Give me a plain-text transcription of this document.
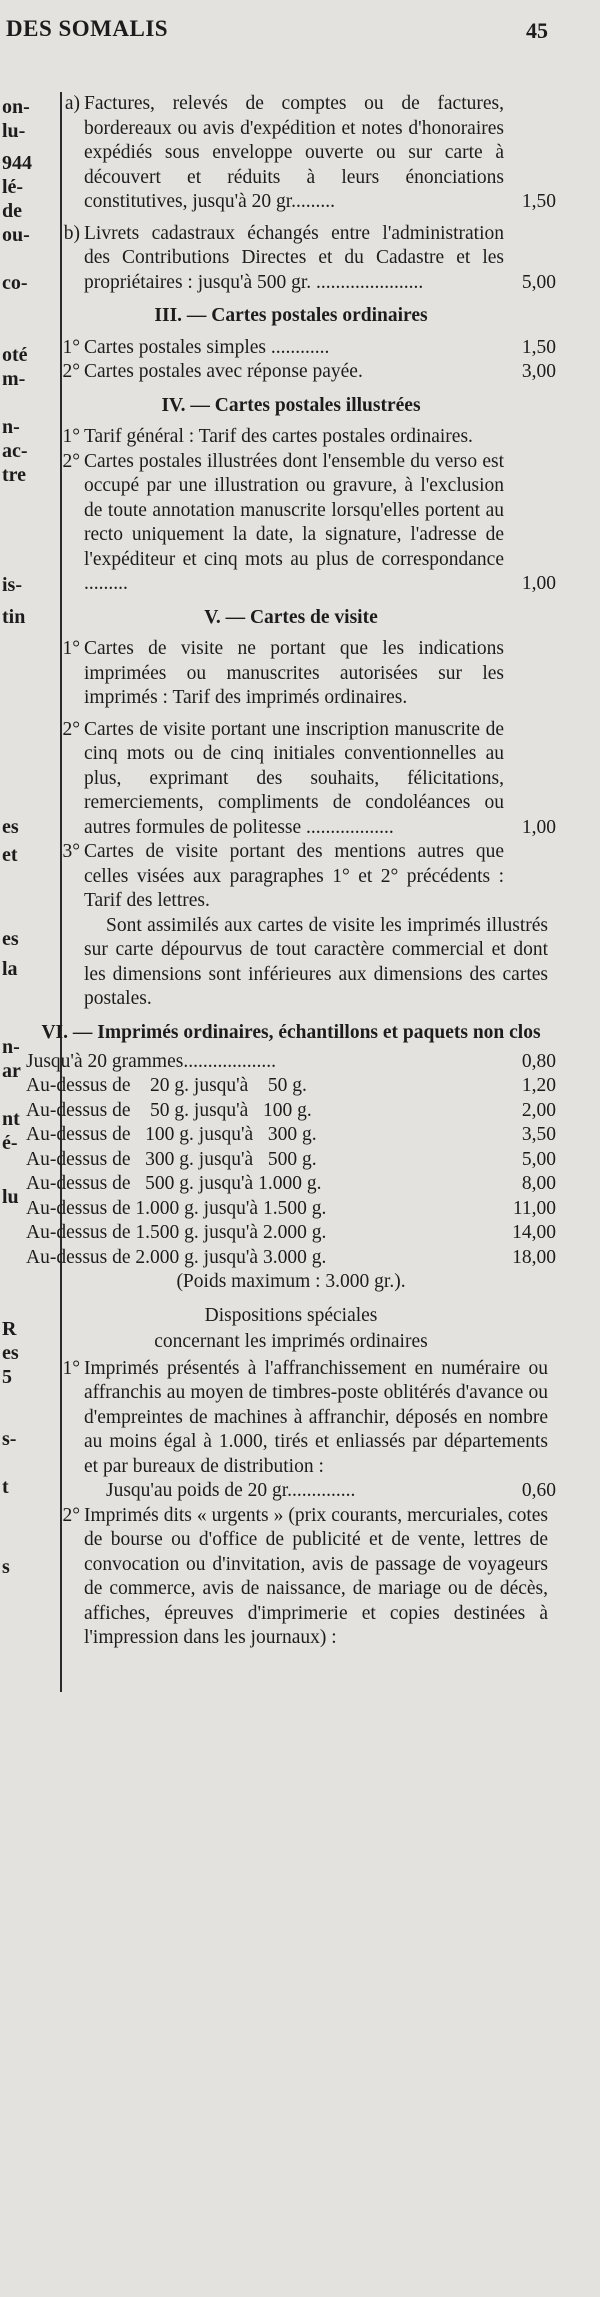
DES SOMALIS	45
on-
lu-
944
lé-
de
ou-
co-
oté
m-
n-
ac-
tre
is-
tin
es
et
es
la
n-
ar
nt
é-
lu
R
es
5
s-
t
s
a) Factures, relevés de comptes ou de factures, bordereaux ou avis d'expédition et notes d'honoraires expédiés sous enveloppe ouverte ou sur carte à découvert et réduits à leurs énonciations constitutives, jusqu'à 20 gr.........	1,50
b) Livrets cadastraux échangés entre l'administration des Contributions Directes et du Cadastre et les propriétaires : jusqu'à 500 gr. ......................	5,00
III. — Cartes postales ordinaires
1° Cartes postales simples ............	1,50
2° Cartes postales avec réponse payée.	3,00
IV. — Cartes postales illustrées
1° Tarif général : Tarif des cartes postales ordinaires.
2° Cartes postales illustrées dont l'ensemble du verso est occupé par une illustration ou gravure, à l'exclusion de toute annotation manuscrite lorsqu'elles portent au recto uniquement la date, la signature, l'adresse de l'expéditeur et cinq mots au plus de correspondance .........	1,00
V. — Cartes de visite
1° Cartes de visite ne portant que les indications imprimées ou manuscrites autorisées sur les imprimés : Tarif des imprimés ordinaires.
2° Cartes de visite portant une inscription manuscrite de cinq mots ou de cinq initiales conventionnelles au plus, exprimant des souhaits, félicitations, remerciements, compliments de condoléances ou autres formules de politesse ..................	1,00
3° Cartes de visite portant des mentions autres que celles visées aux paragraphes 1° et 2° précédents : Tarif des lettres.
Sont assimilés aux cartes de visite les imprimés illustrés sur carte dépourvus de tout caractère commercial et dont les dimensions sont inférieures aux dimensions des cartes postales.
VI. — Imprimés ordinaires, échantillons et paquets non clos
Jusqu'à 20 grammes...................	0,80
Au-dessus de    20 g. jusqu'à    50 g.	1,20
Au-dessus de    50 g. jusqu'à   100 g.	2,00
Au-dessus de   100 g. jusqu'à   300 g.	3,50
Au-dessus de   300 g. jusqu'à   500 g.	5,00
Au-dessus de   500 g. jusqu'à 1.000 g.	8,00
Au-dessus de 1.000 g. jusqu'à 1.500 g.	11,00
Au-dessus de 1.500 g. jusqu'à 2.000 g.	14,00
Au-dessus de 2.000 g. jusqu'à 3.000 g.	18,00
(Poids maximum : 3.000 gr.).
Dispositions spéciales
concernant les imprimés ordinaires
1° Imprimés présentés à l'affranchissement en numéraire ou affranchis au moyen de timbres-poste oblitérés d'avance ou d'empreintes de machines à affranchir, déposés en nombre au moins égal à 1.000, tirés et enliassés par départements et par bureaux de distribution :
Jusqu'au poids de 20 gr..............	0,60
2° Imprimés dits « urgents » (prix courants, mercuriales, cotes de bourse ou d'office de publicité et de vente, lettres de convocation ou d'invitation, avis de passage de voyageurs de commerce, avis de naissance, de mariage ou de décès, affiches, épreuves d'imprimerie et copies destinées à l'impression dans les journaux) :
